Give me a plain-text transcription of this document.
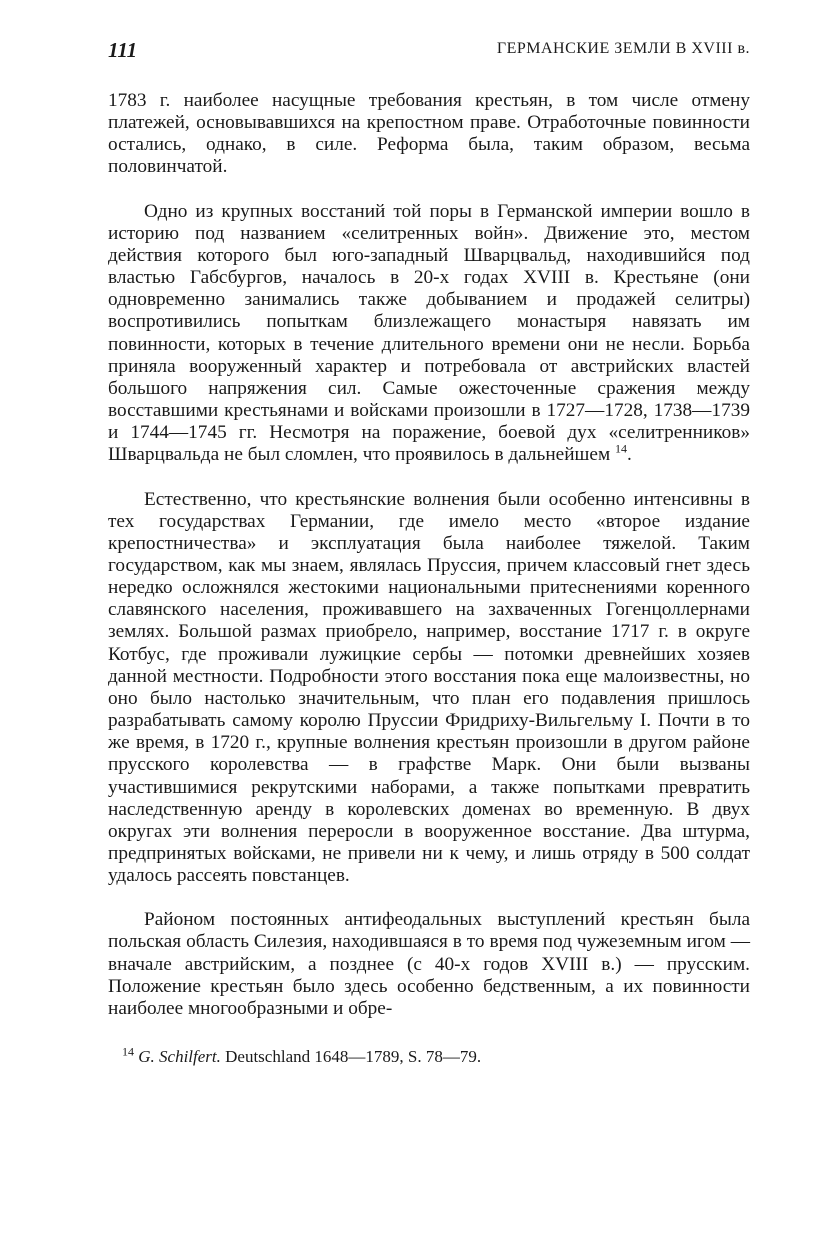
111	ГЕРМАНСКИЕ ЗЕМЛИ В XVIII в.

1783 г. наиболее насущные требования крестьян, в том числе отмену платежей, основывавшихся на крепостном праве. Отработочные повинности остались, однако, в силе. Реформа была, таким образом, весьма половинчатой.

Одно из крупных восстаний той поры в Германской империи вошло в историю под названием «селитренных войн». Движение это, местом действия которого был юго-западный Шварцвальд, находившийся под властью Габсбургов, началось в 20-х годах XVIII в. Крестьяне (они одновременно занимались также добыванием и продажей селитры) воспротивились попыткам близлежащего монастыря навязать им повинности, которых в течение длительного времени они не несли. Борьба приняла вооруженный характер и потребовала от австрийских властей большого напряжения сил. Самые ожесточенные сражения между восставшими крестьянами и войсками произошли в 1727—1728, 1738—1739 и 1744—1745 гг. Несмотря на поражение, боевой дух «селитренников» Шварцвальда не был сломлен, что проявилось в дальнейшем $^{14}$.

Естественно, что крестьянские волнения были особенно интенсивны в тех государствах Германии, где имело место «второе издание крепостничества» и эксплуатация была наиболее тяжелой. Таким государством, как мы знаем, являлась Пруссия, причем классовый гнет здесь нередко осложнялся жестокими национальными притеснениями коренного славянского населения, проживавшего на захваченных Гогенцоллернами землях. Большой размах приобрело, например, восстание 1717 г. в округе Котбус, где проживали лужицкие сербы — потомки древнейших хозяев данной местности. Подробности этого восстания пока еще малоизвестны, но оно было настолько значительным, что план его подавления пришлось разрабатывать самому королю Пруссии Фридриху-Вильгельму I. Почти в то же время, в 1720 г., крупные волнения крестьян произошли в другом районе прусского королевства — в графстве Марк. Они были вызваны участившимися рекрутскими наборами, а также попытками превратить наследственную аренду в королевских доменах во временную. В двух округах эти волнения переросли в вооруженное восстание. Два штурма, предпринятых войсками, не привели ни к чему, и лишь отряду в 500 солдат удалось рассеять повстанцев.

Районом постоянных антифеодальных выступлений крестьян была польская область Силезия, находившаяся в то время под чужеземным игом — вначале австрийским, а позднее (с 40-х годов XVIII в.) — прусским. Положение крестьян было здесь особенно бедственным, а их повинности наиболее многообразными и обре-

$^{14}$ G. Schilfert. Deutschland 1648—1789, S. 78—79.
